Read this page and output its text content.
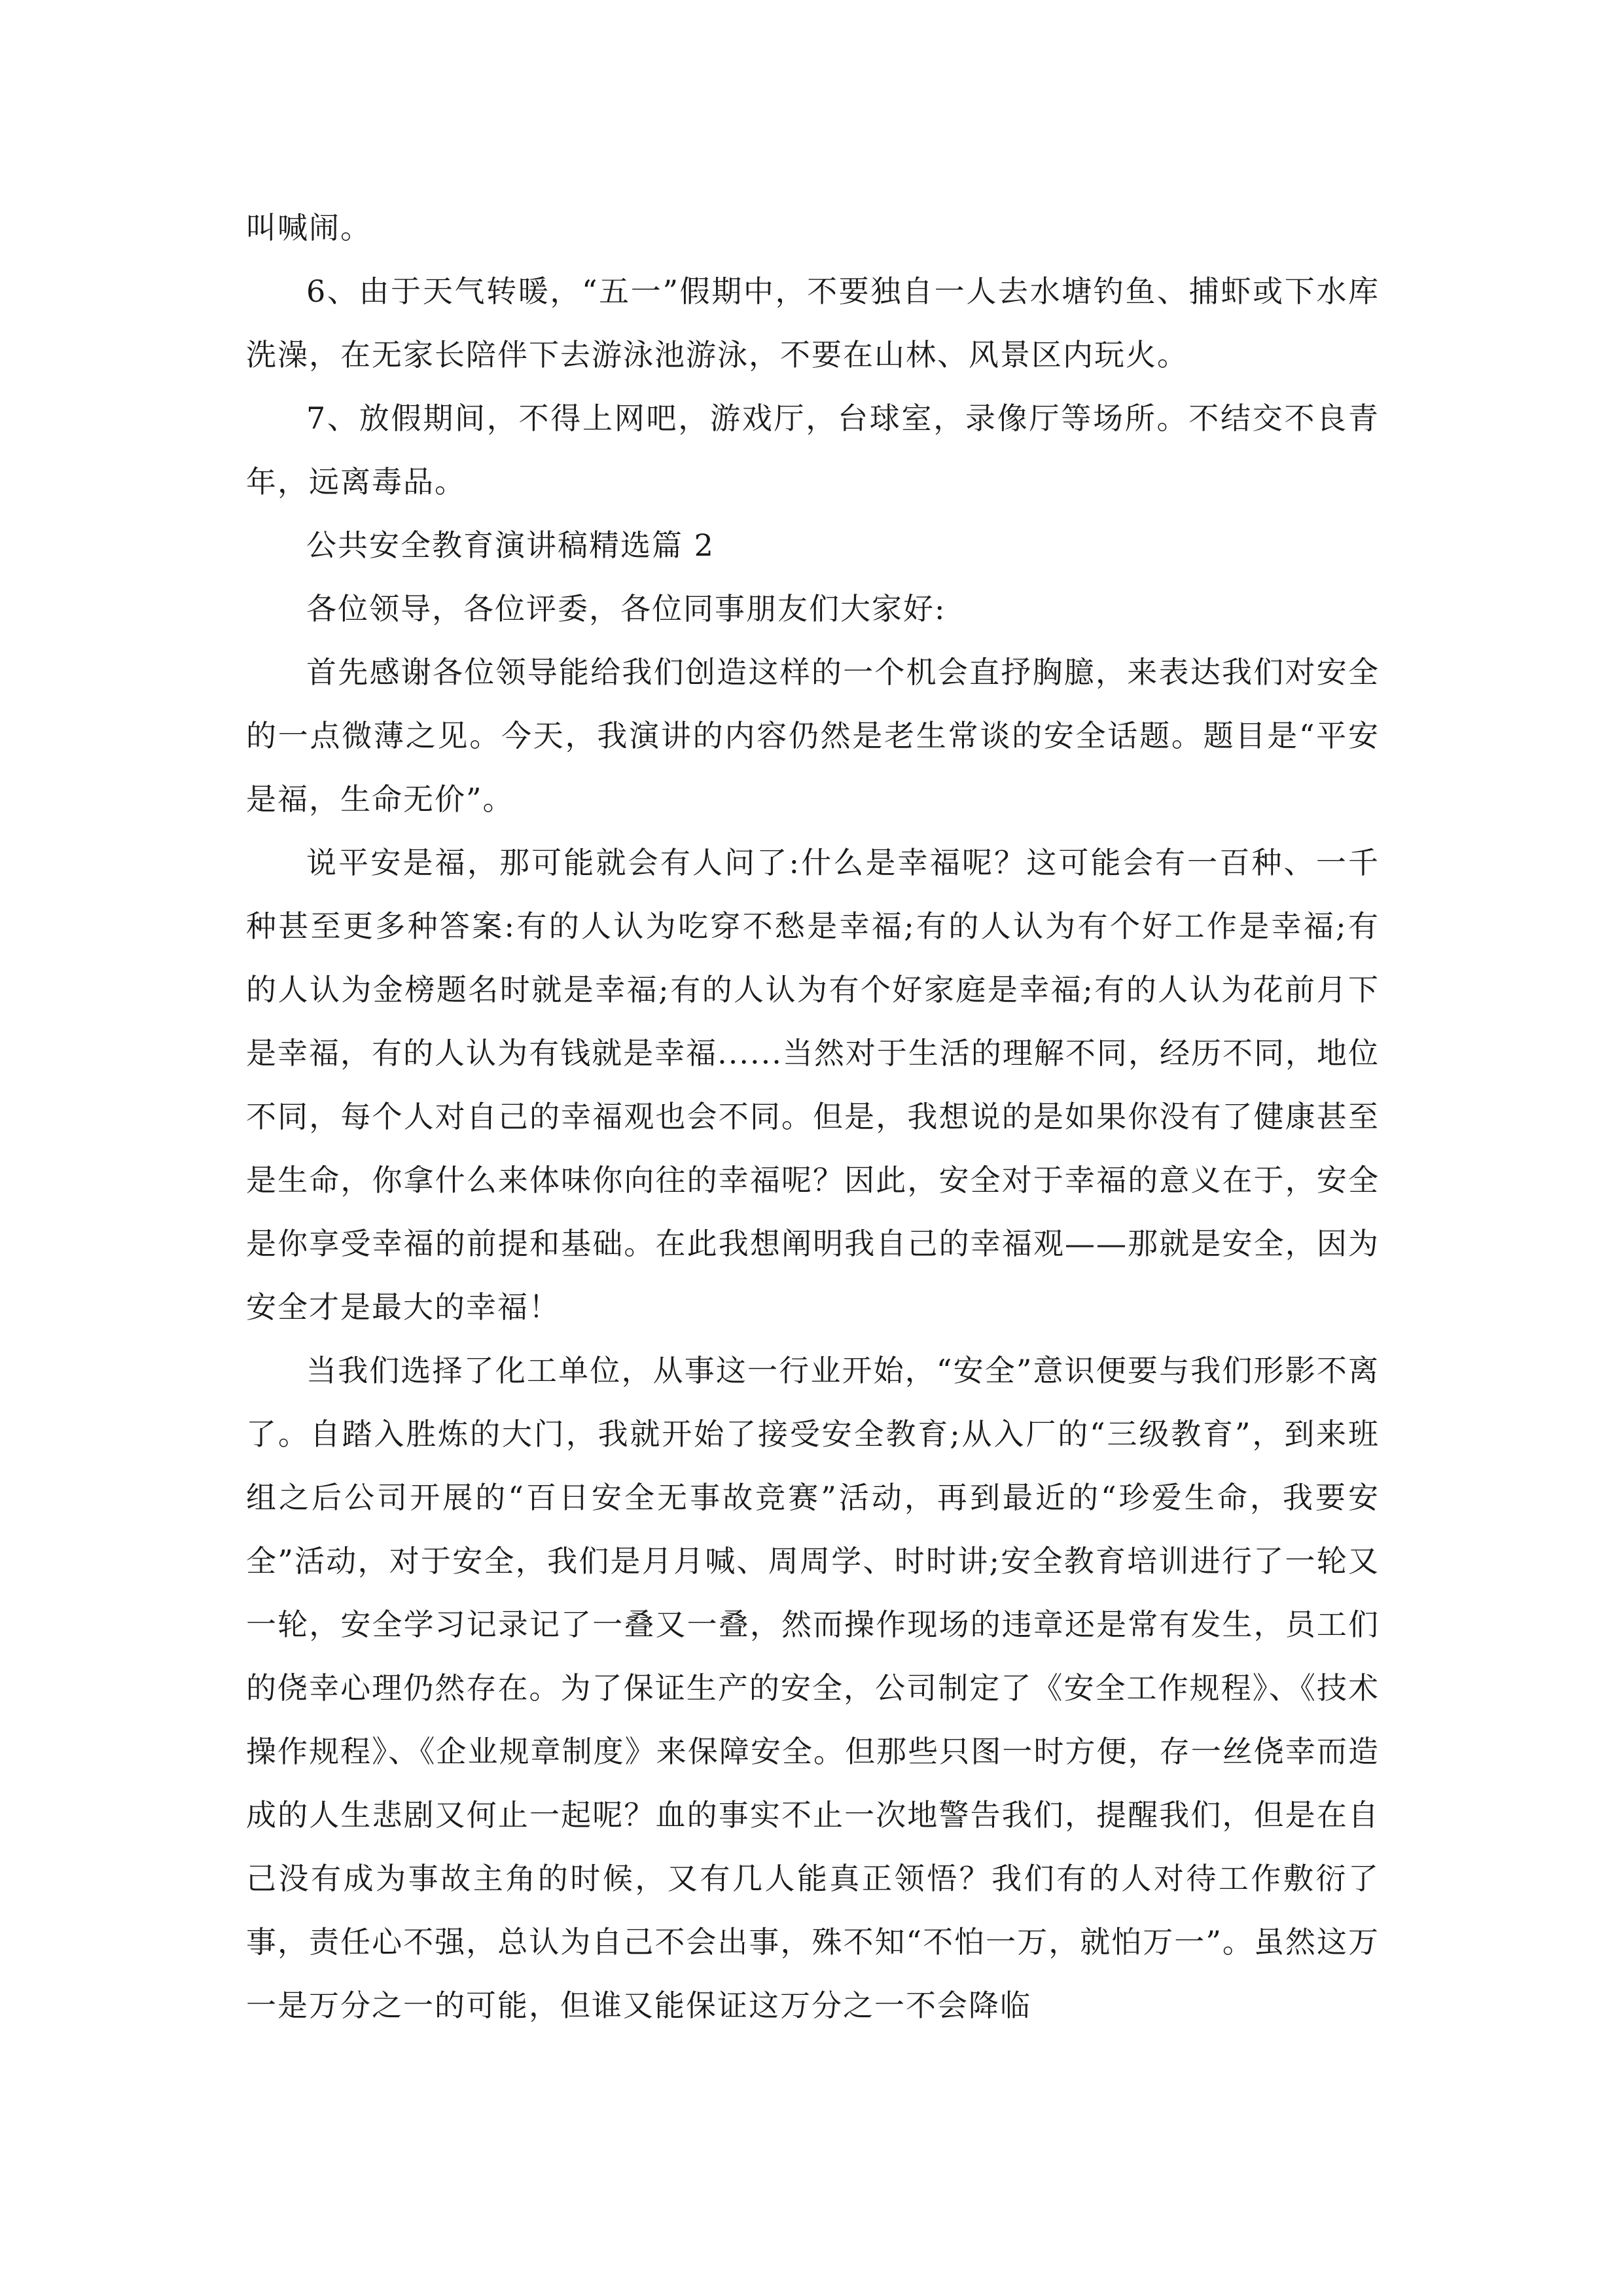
叫喊闹。

6、由于天气转暖，“五一”假期中，不要独自一人去水塘钓鱼、捕虾或下水库洗澡，在无家长陪伴下去游泳池游泳，不要在山林、风景区内玩火。

7、放假期间，不得上网吧，游戏厅，台球室，录像厅等场所。不结交不良青年，远离毒品。

公共安全教育演讲稿精选篇 2

各位领导，各位评委，各位同事朋友们大家好:

首先感谢各位领导能给我们创造这样的一个机会直抒胸臆，来表达我们对安全的一点微薄之见。今天，我演讲的内容仍然是老生常谈的安全话题。题目是“平安是福，生命无价”。

说平安是福，那可能就会有人问了:什么是幸福呢？这可能会有一百种、一千种甚至更多种答案:有的人认为吃穿不愁是幸福;有的人认为有个好工作是幸福;有的人认为金榜题名时就是幸福;有的人认为有个好家庭是幸福;有的人认为花前月下是幸福，有的人认为有钱就是幸福......当然对于生活的理解不同，经历不同，地位不同，每个人对自己的幸福观也会不同。但是，我想说的是如果你没有了健康甚至是生命，你拿什么来体味你向往的幸福呢？因此，安全对于幸福的意义在于，安全是你享受幸福的前提和基础。在此我想阐明我自己的幸福观——那就是安全，因为安全才是最大的幸福！

当我们选择了化工单位，从事这一行业开始，“安全”意识便要与我们形影不离了。自踏入胜炼的大门，我就开始了接受安全教育;从入厂的“三级教育”，到来班组之后公司开展的“百日安全无事故竞赛”活动，再到最近的“珍爱生命，我要安全”活动，对于安全，我们是月月喊、周周学、时时讲;安全教育培训进行了一轮又一轮，安全学习记录记了一叠又一叠，然而操作现场的违章还是常有发生，员工们的侥幸心理仍然存在。为了保证生产的安全，公司制定了《安全工作规程》、《技术操作规程》、《企业规章制度》来保障安全。但那些只图一时方便，存一丝侥幸而造成的人生悲剧又何止一起呢？血的事实不止一次地警告我们，提醒我们，但是在自己没有成为事故主角的时候，又有几人能真正领悟？我们有的人对待工作敷衍了事，责任心不强，总认为自己不会出事，殊不知“不怕一万，就怕万一”。虽然这万一是万分之一的可能，但谁又能保证这万分之一不会降临
